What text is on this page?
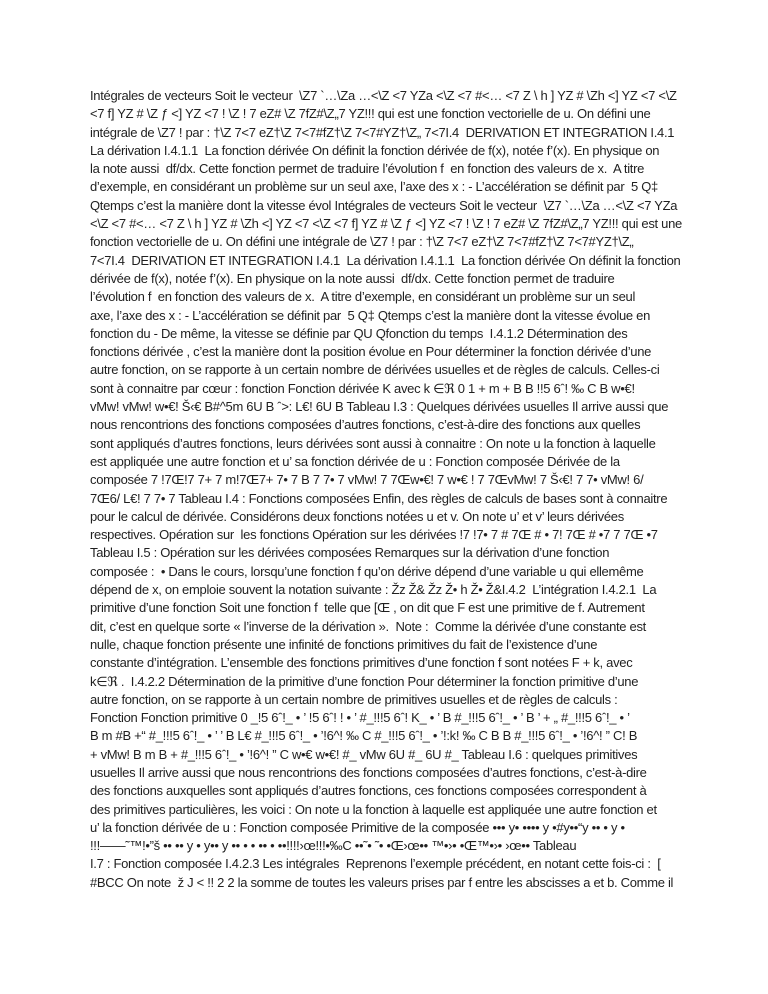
Intégrales de vecteurs Soit le vecteur  \Z7 `…\Za …<\Z <7 YZa <\Z <7 #<… <7 Z \ h ] YZ # \Zh <] YZ <7 <\Z
<7 f] YZ # \Z ƒ <] YZ <7 ! \Z ! 7 eZ# \Z 7fZ#\Z„7 YZ!!! qui est une fonction vectorielle de u. On défini une
intégrale de \Z7 ! par : †\Z 7<7 eZ†\Z 7<7#fZ†\Z 7<7#YZ†\Z„ 7<7I.4  DERIVATION ET INTEGRATION I.4.1
La dérivation I.4.1.1  La fonction dérivée On définit la fonction dérivée de f(x), notée f’(x). En physique on
la note aussi  df/dx. Cette fonction permet de traduire l’évolution f  en fonction des valeurs de x.  A titre
d’exemple, en considérant un problème sur un seul axe, l’axe des x : - L’accélération se définit par  5 Q‡
Qtemps c’est la manière dont la vitesse évol Intégrales de vecteurs Soit le vecteur  \Z7 `…\Za …<\Z <7 YZa
<\Z <7 #<… <7 Z \ h ] YZ # \Zh <] YZ <7 <\Z <7 f] YZ # \Z ƒ <] YZ <7 ! \Z ! 7 eZ# \Z 7fZ#\Z„7 YZ!!! qui est une
fonction vectorielle de u. On défini une intégrale de \Z7 ! par : †\Z 7<7 eZ†\Z 7<7#fZ†\Z 7<7#YZ†\Z„
7<7I.4  DERIVATION ET INTEGRATION I.4.1  La dérivation I.4.1.1  La fonction dérivée On définit la fonction
dérivée de f(x), notée f’(x). En physique on la note aussi  df/dx. Cette fonction permet de traduire
l’évolution f  en fonction des valeurs de x.  A titre d’exemple, en considérant un problème sur un seul
axe, l’axe des x : - L’accélération se définit par  5 Q‡ Qtemps c’est la manière dont la vitesse évolue en
fonction du - De même, la vitesse se définie par QU Qfonction du temps  I.4.1.2 Détermination des
fonctions dérivée , c’est la manière dont la position évolue en Pour déterminer la fonction dérivée d’une
autre fonction, on se rapporte à un certain nombre de dérivées usuelles et de règles de calculs. Celles-ci
sont à connaitre par cœur : fonction Fonction dérivée K avec k ∈ℜ 0 1 + m + B B !!5 6ˆ! ‰ C B w•€!
vMw! vMw! w•€! Š‹€ B#^5m 6U B ˆ>: L€! 6U B Tableau I.3 : Quelques dérivées usuelles Il arrive aussi que
nous rencontrions des fonctions composées d’autres fonctions, c’est-à-dire des fonctions aux quelles
sont appliqués d’autres fonctions, leurs dérivées sont aussi à connaitre : On note u la fonction à laquelle
est appliquée une autre fonction et u’ sa fonction dérivée de u : Fonction composée Dérivée de la
composée 7 !7Œ!7 7+ 7 m!7Œ7+ 7• 7 B 7 7• 7 vMw! 7 7Œw•€! 7 w•€ ! 7 7ŒvMw! 7 Š‹€! 7 7• vMw! 6/
7Œ6/ L€! 7 7• 7 Tableau I.4 : Fonctions composées Enfin, des règles de calculs de bases sont à connaitre
pour le calcul de dérivée. Considérons deux fonctions notées u et v. On note u’ et v’ leurs dérivées
respectives. Opération sur  les fonctions Opération sur les dérivées !7 !7• 7 # 7Œ # • 7! 7Œ # •7 7 7Œ •7
Tableau I.5 : Opération sur les dérivées composées Remarques sur la dérivation d’une fonction
composée :  • Dans le cours, lorsqu’une fonction f qu’on dérive dépend d’une variable u qui ellemême
dépend de x, on emploie souvent la notation suivante : Žz Ž& Žz Ž• h Ž• Ž&I.4.2  L’intégration I.4.2.1  La
primitive d’une fonction Soit une fonction f  telle que [Œ , on dit que F est une primitive de f. Autrement
dit, c’est en quelque sorte « l’inverse de la dérivation ».  Note :  Comme la dérivée d’une constante est
nulle, chaque fonction présente une infinité de fonctions primitives du fait de l’existence d’une
constante d’intégration. L’ensemble des fonctions primitives d’une fonction f sont notées F + k, avec
k∈ℜ .  I.4.2.2 Détermination de la primitive d’une fonction Pour déterminer la fonction primitive d’une
autre fonction, on se rapporte à un certain nombre de primitives usuelles et de règles de calculs :
Fonction Fonction primitive 0 _!5 6ˆ!_ • ’ !5 6ˆ! ! • ’ #_!!!5 6ˆ! K_ • ’ B #_!!!5 6ˆ!_ • ’ B ’ + „ #_!!!5 6ˆ!_ • ’
B m #B +“ #_!!!5 6ˆ!_ • ’ ’ B L€ #_!!!5 6ˆ!_ • ’!6^! ‰ C #_!!!5 6ˆ!_ • ’!:k! ‰ C B B #_!!!5 6ˆ!_ • ’!6^! ” C! B
+ vMw! B m B + #_!!!5 6ˆ!_ • ’!6^! ” C w•€ w•€! #_ vMw 6U #_ 6U #_ Tableau I.6 : quelques primitives
usuelles Il arrive aussi que nous rencontrions des fonctions composées d’autres fonctions, c’est-à-dire
des fonctions auxquelles sont appliqués d’autres fonctions, ces fonctions composées correspondent à
des primitives particulières, les voici : On note u la fonction à laquelle est appliquée une autre fonction et
u’ la fonction dérivée de u : Fonction composée Primitive de la composée ••• y• •••• y •#y••“y •• • y •
!!!——˜™!•”š •• •• y • y•• y •• • • •• • ••!!!!›œ!!!•‰C ••˜• ˜• •Œ›œ•• ™•›• •Œ™•›• ›œ•• Tableau
I.7 : Fonction composée I.4.2.3 Les intégrales  Reprenons l’exemple précédent, en notant cette fois-ci :  [
#BCC On note  ž J < !! 2 2 la somme de toutes les valeurs prises par f entre les abscisses a et b. Comme il
